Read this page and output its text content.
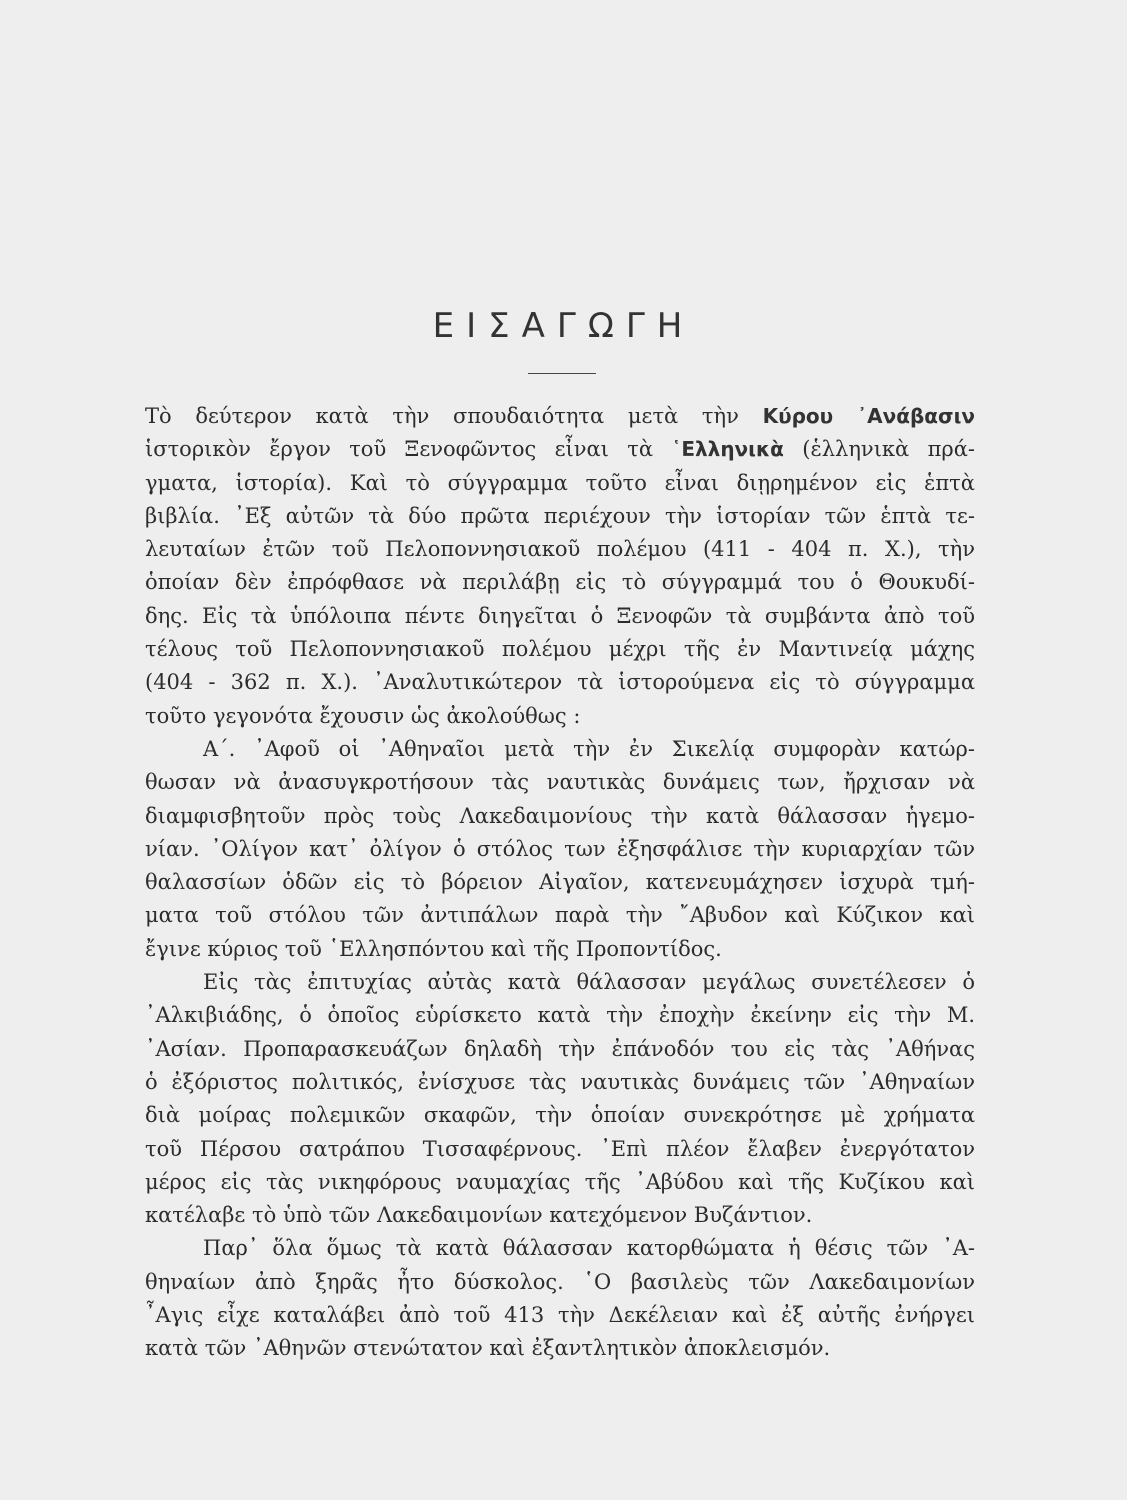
ΕΙΣΑΓΩΓΗ
Τὸ δεύτερον κατὰ τὴν σπουδαιότητα μετὰ τὴν Κύρου ᾿Ανάβασιν
ἱστορικὸν ἔργον τοῦ Ξενοφῶντος εἶναι τὰ ῾Ελληνικὰ (ἑλληνικὰ πρά-
γματα, ἱστορία). Καὶ τὸ σύγγραμμα τοῦτο εἶναι διῃρημένον εἰς ἑπτὰ
βιβλία. ᾿Εξ αὐτῶν τὰ δύο πρῶτα περιέχουν τὴν ἱστορίαν τῶν ἑπτὰ τε-
λευταίων ἐτῶν τοῦ Πελοποννησιακοῦ πολέμου (411 - 404 π. Χ.), τὴν
ὁποίαν δὲν ἐπρόφθασε νὰ περιλάβῃ εἰς τὸ σύγγραμμά του ὁ Θουκυδί-
δης. Εἰς τὰ ὑπόλοιπα πέντε διηγεῖται ὁ Ξενοφῶν τὰ συμβάντα ἀπὸ τοῦ
τέλους τοῦ Πελοποννησιακοῦ πολέμου μέχρι τῆς ἐν Μαντινείᾳ μάχης
(404 - 362 π. Χ.). ᾿Αναλυτικώτερον τὰ ἱστορούμενα εἰς τὸ σύγγραμμα
τοῦτο γεγονότα ἔχουσιν ὡς ἀκολούθως :
Α΄. ᾿Αφοῦ οἱ ᾿Αθηναῖοι μετὰ τὴν ἐν Σικελίᾳ συμφορὰν κατώρ-
θωσαν νὰ ἀνασυγκροτήσουν τὰς ναυτικὰς δυνάμεις των, ἤρχισαν νὰ
διαμφισβητοῦν πρὸς τοὺς Λακεδαιμονίους τὴν κατὰ θάλασσαν ἡγεμο-
νίαν. ᾿Ολίγον κατ᾿ ὀλίγον ὁ στόλος των ἐξησφάλισε τὴν κυριαρχίαν τῶν
θαλασσίων ὁδῶν εἰς τὸ βόρειον Αἰγαῖον, κατενευμάχησεν ἰσχυρὰ τμή-
ματα τοῦ στόλου τῶν ἀντιπάλων παρὰ τὴν ῎Αβυδον καὶ Κύζικον καὶ
ἔγινε κύριος τοῦ ῾Ελλησπόντου καὶ τῆς Προποντίδος.
Εἰς τὰς ἐπιτυχίας αὐτὰς κατὰ θάλασσαν μεγάλως συνετέλεσεν ὁ
᾿Αλκιβιάδης, ὁ ὁποῖος εὑρίσκετο κατὰ τὴν ἐποχὴν ἐκείνην εἰς τὴν Μ.
᾿Ασίαν. Προπαρασκευάζων δηλαδὴ τὴν ἐπάνοδόν του εἰς τὰς ᾿Αθήνας
ὁ ἐξόριστος πολιτικός, ἐνίσχυσε τὰς ναυτικὰς δυνάμεις τῶν ᾿Αθηναίων
διὰ μοίρας πολεμικῶν σκαφῶν, τὴν ὁποίαν συνεκρότησε μὲ χρήματα
τοῦ Πέρσου σατράπου Τισσαφέρνους. ᾿Επὶ πλέον ἔλαβεν ἐνεργότατον
μέρος εἰς τὰς νικηφόρους ναυμαχίας τῆς ᾿Αβύδου καὶ τῆς Κυζίκου καὶ
κατέλαβε τὸ ὑπὸ τῶν Λακεδαιμονίων κατεχόμενον Βυζάντιον.
Παρ᾿ ὅλα ὅμως τὰ κατὰ θάλασσαν κατορθώματα ἡ θέσις τῶν ᾿Α-
θηναίων ἀπὸ ξηρᾶς ἦτο δύσκολος. ῾Ο βασιλεὺς τῶν Λακεδαιμονίων
῏Αγις εἶχε καταλάβει ἀπὸ τοῦ 413 τὴν Δεκέλειαν καὶ ἐξ αὐτῆς ἐνήργει
κατὰ τῶν ᾿Αθηνῶν στενώτατον καὶ ἐξαντλητικὸν ἀποκλεισμόν.
